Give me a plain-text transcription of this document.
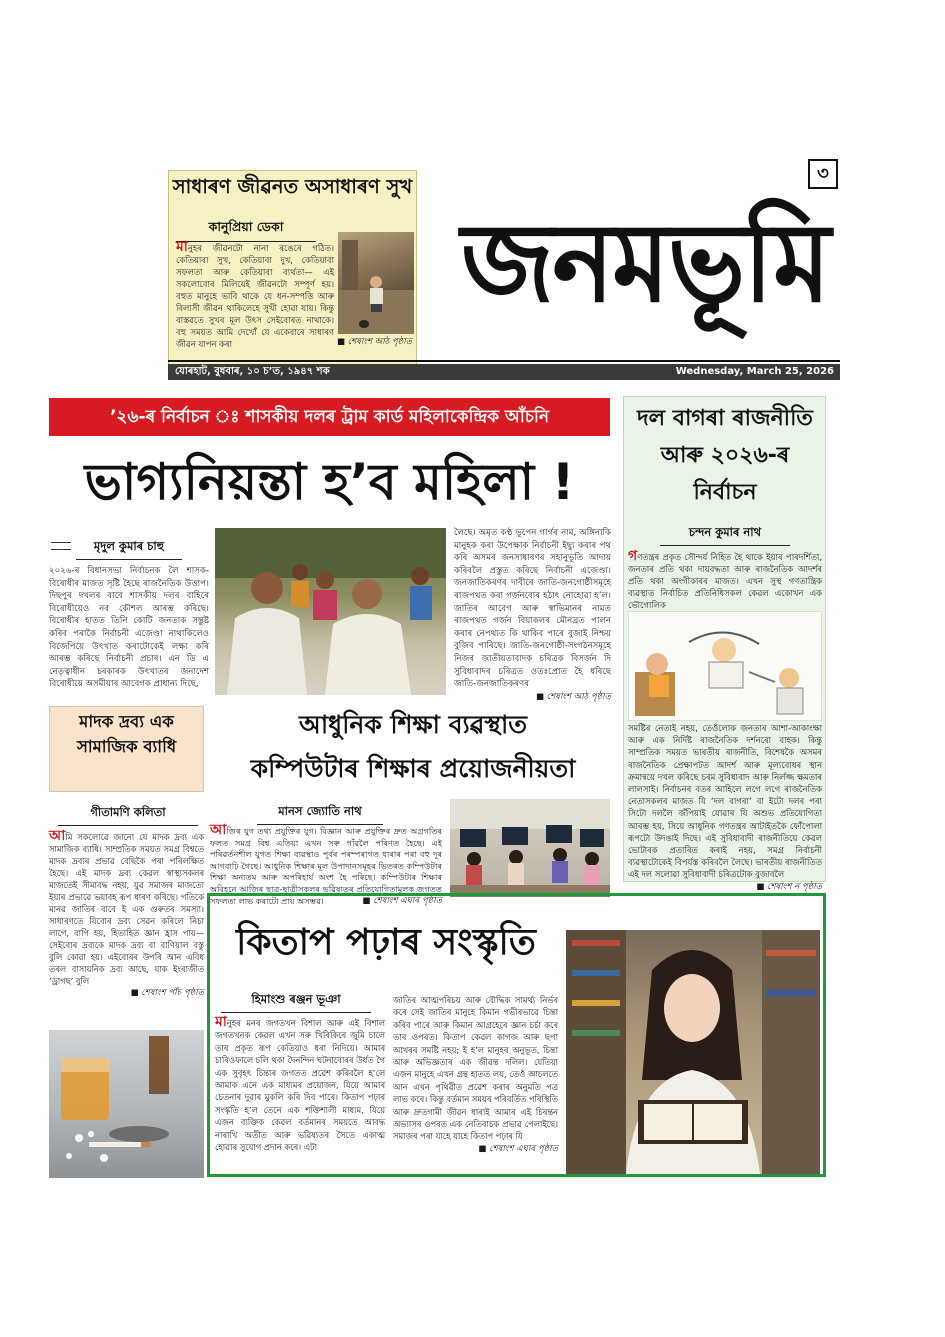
সাধাৰণ জীৱনত অসাধাৰণ সুখ
কানুপ্ৰিয়া ডেকা
মানুহৰ জীৱনটো নানা ৰঙেৰে গঠিত। কেতিয়াবা সুখ, কেতিয়াবা দুখ, কেতিয়াবা সফলতা আৰু কেতিয়াবা ব্যৰ্থতা— এই সকলোবোৰ মিলিয়েই জীৱনটো সম্পূৰ্ণ হয়। বহুত মানুহে ভাবি থাকে যে ধন-সম্পত্তি আৰু বিলাসী জীৱন থাকিলেহে সুখী হোৱা যায়। কিন্তু বাস্তৱতে সুখৰ মূল উৎস সেইবোৰত নাথাকে। বহু সময়ত আমি দেখোঁ যে একেবাৰে সাধাৰণ জীৱন যাপন কৰা	■ শেষাংশ আঠ পৃষ্ঠাত
জনমভূমি
৩
যোৰহাট, বুধবাৰ, ১০ চ’ত, ১৯৪৭ শক	Wednesday, March 25, 2026
’২৬-ৰ নিৰ্বাচন ঃ শাসকীয় দলৰ ট্ৰাম কাৰ্ড মহিলাকেন্দ্ৰিক আঁচনি
ভাগ্যনিয়ন্তা হ’ব মহিলা !
মৃদুল কুমাৰ চাহু
২০২৬-ৰ বিধানসভা নিৰ্বাচনক লৈ শাসক-বিৰোধীৰ মাজত সৃষ্টি হৈছে ৰাজনৈতিক উত্তাপ। দিছপুৰ দখলৰ বাবে শাসকীয় দলৰ বাহিৰে বিৰোধীয়েও নব কৌশল আৰম্ভ কৰিছে। বিৰোধীৰ হাতত তিনি কোটি জনতাক সন্তুষ্ট কৰিব পৰাকৈ নিৰ্বাচনী এজেণ্ডা নাথাকিলেও বিজেপিয়ে উৎখাত কৰাটোকেই লক্ষ্য কৰি আৰম্ভ কৰিছে নিৰ্বাচনী প্ৰচাৰ। এন ডি এ নেতৃত্বাধীন চৰকাৰক উৎখাতৰ জনাদেশ বিৰোধীয়ে অসমীয়াৰ আবেগক প্ৰাধান্য দিছে,
লৈছে। অমৃত কণ্ঠ ভূপেন গাৰ্গৰ নাম, অঙ্গিনাকি মানুহক কৰা উপেক্ষাক নিৰ্বাচনী ইছ্যু কৰাৰ পথ কৰি অসমৰ জনসাধাৰণৰ সহানুভূতি আদায় কৰিবলৈ প্ৰস্তুত কৰিছে নিৰ্বাচনী এজেণ্ডা। জনজাতিকৰণৰ দাবীৰে জাতি-জনগোষ্ঠীসমূহে ৰাজপথত কৰা গৰ্জনবোৰ হঠাৎ নোহোৱা হ’ল। জাতিৰ আবেগ আৰু স্বাভিমানৰ নামত ৰাজপথত গৰ্জন বিয়াকলৰ মৌনব্ৰত পালন কৰাৰ নেপথ্যত কি থাকিব পাৰে বুজাই নিশ্চয় বুজিব পাৰিছে। জাতি-জনগোষ্ঠী-সংগঠনসমূহে নিজৰ জাতীয়তাবাদক চৰিত্ৰক বিসৰ্জন দি সুবিধাবাদৰ চৰিত্ৰত ওতঃপ্ৰোত হৈ ধৰিছে জাতি-জনজাতিকৰণৰ
■ শেষাংশ আঠ পৃষ্ঠাত
দল বাগৰা ৰাজনীতি আৰু ২০২৬-ৰ নিৰ্বাচন
চন্দন কুমাৰ নাথ
গণতন্ত্ৰৰ প্ৰকৃত সৌন্দৰ্য নিহিত হৈ থাকে ইয়াৰ পাৰদৰ্শিতা, জনতাৰ প্ৰতি থকা দায়বদ্ধতা আৰু ৰাজনৈতিক আদৰ্শৰ প্ৰতি থকা অংগীকাৰৰ মাজত। এখন সুস্থ গণতান্ত্ৰিক ব্যৱস্থাত নিৰ্বাচিত প্ৰতিনিধিসকল কেৱল একোখন এক ভৌগোলিক
সমষ্টিৰ নেতাই নহয়, তেওঁলোক জনতাৰ আশা-আকাংক্ষা আৰু এক নিৰ্দিষ্ট ৰাজনৈতিক দৰ্শনৰো বাহক। কিন্তু সাম্প্ৰতিক সময়ত ভাৰতীয় ৰাজনীতি, বিশেষকৈ অসমৰ ৰাজনৈতিক প্ৰেক্ষাপটত আদৰ্শ আৰু মূল্যবোধৰ স্থান ক্ৰমান্বয়ে দখল কৰিছে চৰম সুবিধাবাদ আৰু নিৰ্লজ্জ ক্ষমতাৰ লালসাই। নিৰ্বাচনৰ বতৰ আহিলে লগে লগে ৰাজনৈতিক নেতাসকলৰ মাজত যি ‘দল বাগৰা’ বা ইটো দলৰ পৰা সিটো দললৈ জঁপিয়াই যোৱাৰ যি অশুভ প্ৰতিযোগিতা আৰম্ভ হয়, সিয়ে আধুনিক গণতন্ত্ৰৰ আটাইতকৈ ফোঁপোলা ৰূপটো উদঙাই দিছে। এই সুবিধাবাদী ৰাজনীতিয়ে কেৱল ভোটাৰক প্ৰতাৰিত কৰাই নহয়, সমগ্ৰ নিৰ্বাচনী ব্যৱস্থাটোকেই বিপৰ্যস্ত কৰিবলৈ লৈছে। ভাৰতীয় ৰাজনীতিত এই দল সলোৱা সুবিধাবাদী চৰিত্ৰটোক বুজাবলৈ
■ শেষাংশ ন পৃষ্ঠাত
মাদক দ্ৰব্য এক সামাজিক ব্যাধি
গীতামণি কলিতা
আমি সকলোৱে জানো যে মাদক দ্ৰব্য এক সামাজিক ব্যাধি। সাম্প্ৰতিক সময়ত সমগ্ৰ বিশ্বতে মাদক দ্ৰব্যৰ প্ৰভাৱ বেছিকৈ পৰা পৰিলক্ষিত হৈছে। এই মাদক দ্ৰব্য কেৱল স্বাস্থ্যসকলৰ মাজতেই সীমাবদ্ধ নহয়, যুৱ সমাজৰ মাজতো ইয়াৰ প্ৰভাৱে ভয়াবহ ৰূপ ধাৰণ কৰিছে। গতিকে মানৱ জাতিৰ বাবে ই এক গুৰুতৰ সমস্যা। সাধাৰণতে যিবোৰ দ্ৰব্য সেৱন কৰিলে নিচা লাগে, বাগি হয়, হিতাহিত জ্ঞান হ্ৰাস পায়— সেইবোৰ দ্ৰব্যকে মাদক দ্ৰব্য বা বাণিয়াল বস্তু বুলি কোৱা হয়। এইবোৰৰ উপৰি আন এবিধ তৰল বাসায়নিক দ্ৰব্য আছে, যাক ইংৰাজীত ‘ড্ৰাগছ’ বুলি
■ শেষাংশ পাঁচ পৃষ্ঠাত
আধুনিক শিক্ষা ব্যৱস্থাত
কম্পিউটাৰ শিক্ষাৰ প্ৰয়োজনীয়তা
মানস জ্যোতি নাথ
আজিৰ যুগ তথ্য প্ৰযুক্তিৰ যুগ। বিজ্ঞান আৰু প্ৰযুক্তিৰ দ্ৰুত অগ্ৰগতিৰ ফলত সমগ্ৰ বিশ্ব এতিয়া এখন সৰু গাঁৱলৈ পৰিণত হৈছে। এই পৰিৱৰ্তনশীল যুগত শিক্ষা ব্যৱস্থাও পূৰ্বৰ পৰম্পৰাগত ধাৰাৰ পৰা বহু দূৰ আগবাঢ়ি গৈছে। আধুনিক শিক্ষাৰ মূল উপাদানসমূহৰ ভিতৰত কম্পিউটাৰ শিক্ষা অন্যতম আৰু অপৰিহাৰ্য অংশ হৈ পৰিছে। কম্পিউটাৰ শিক্ষাৰ অবিহনে আজিৰ ছাত্ৰ-ছাত্ৰীসকলৰ ভৱিষ্যতৰ প্ৰতিযোগিতামূলক জগতত সফলতা লাভ কৰাটো প্ৰায় অসম্ভৱ।	■ শেষাংশ এঘাৰ পৃষ্ঠাত
কিতাপ পঢ়াৰ সংস্কৃতি
হিমাংশু ৰঞ্জন ভূঞা
মানুহৰ মনৰ জগতখন বিশাল আৰু এই বিশাল জগতখনক কেৱল এখন সৰু খিৰিকিৰে জুমি চালে তাৰ প্ৰকৃত ৰূপ কেতিয়াও ধৰা নিদিয়ে। আমাৰ চাৰিওফালে চলি থকা দৈনন্দিন ঘটনাবোৰৰ উৰ্ধত গৈ এক সুবৃহৎ চিন্তাৰ জগতত প্ৰৱেশ কৰিবলৈ হ’লে আমাক এনে এক মাধ্যমৰ প্ৰয়োজন, যিয়ে আমাৰ চেতনাৰ দুৱাৰ মুকলি কৰি দিব পাৰে। কিতাপ পঢ়াৰ সংস্কৃতি হ’ল তেনে এক শক্তিশালী মাধ্যম, যিয়ে এজন ব্যক্তিক কেৱল বৰ্তমানৰ সময়তে আবদ্ধ নাৰাখি অতীত আৰু ভৱিষ্যতৰ সৈতে একাত্ম হোৱাৰ সুযোগ প্ৰদান কৰে। এটা
জাতিৰ আত্মপৰিচয় আৰু বৌদ্ধিক সামৰ্থ্য নিৰ্ভৰ কৰে সেই জাতিৰ মানুহে কিমান গভীৰভাৱে চিন্তা কৰিব পাৰে আৰু কিমান আগ্ৰহেৰে জ্ঞান চৰ্চা কৰে তাৰ ওপৰত। কিতাপ কেৱল কাগজ আৰু ছপা আখৰৰ সমষ্টি নহয়; ই হ’ল মানুহৰ অনুভূত, চিন্তা আৰু অভিজ্ঞতাৰ এক জীৱন্ত দলিল। যেতিয়া এজন মানুহে এখন গ্ৰন্থ হাতত লয়, তেওঁ আচলতে আন এখন পৃথিৱীত প্ৰৱেশ কৰাৰ অনুমতি পত্ৰ লাভ কৰে। কিন্তু বৰ্তমান সময়ৰ পৰিবৰ্তিত পৰিস্থিতি আৰু দ্ৰুতগামী জীৱন ধাৰাই আমাৰ এই চিৰন্তন অভ্যাসৰ ওপৰত এক নেতিবাচক প্ৰভাৱ পেলাইছে। সমাজৰ পৰা যাহে যাহে কিতাপ পঢ়াৰ যি
■ শেষাংশ এঘাৰ পৃষ্ঠাত
